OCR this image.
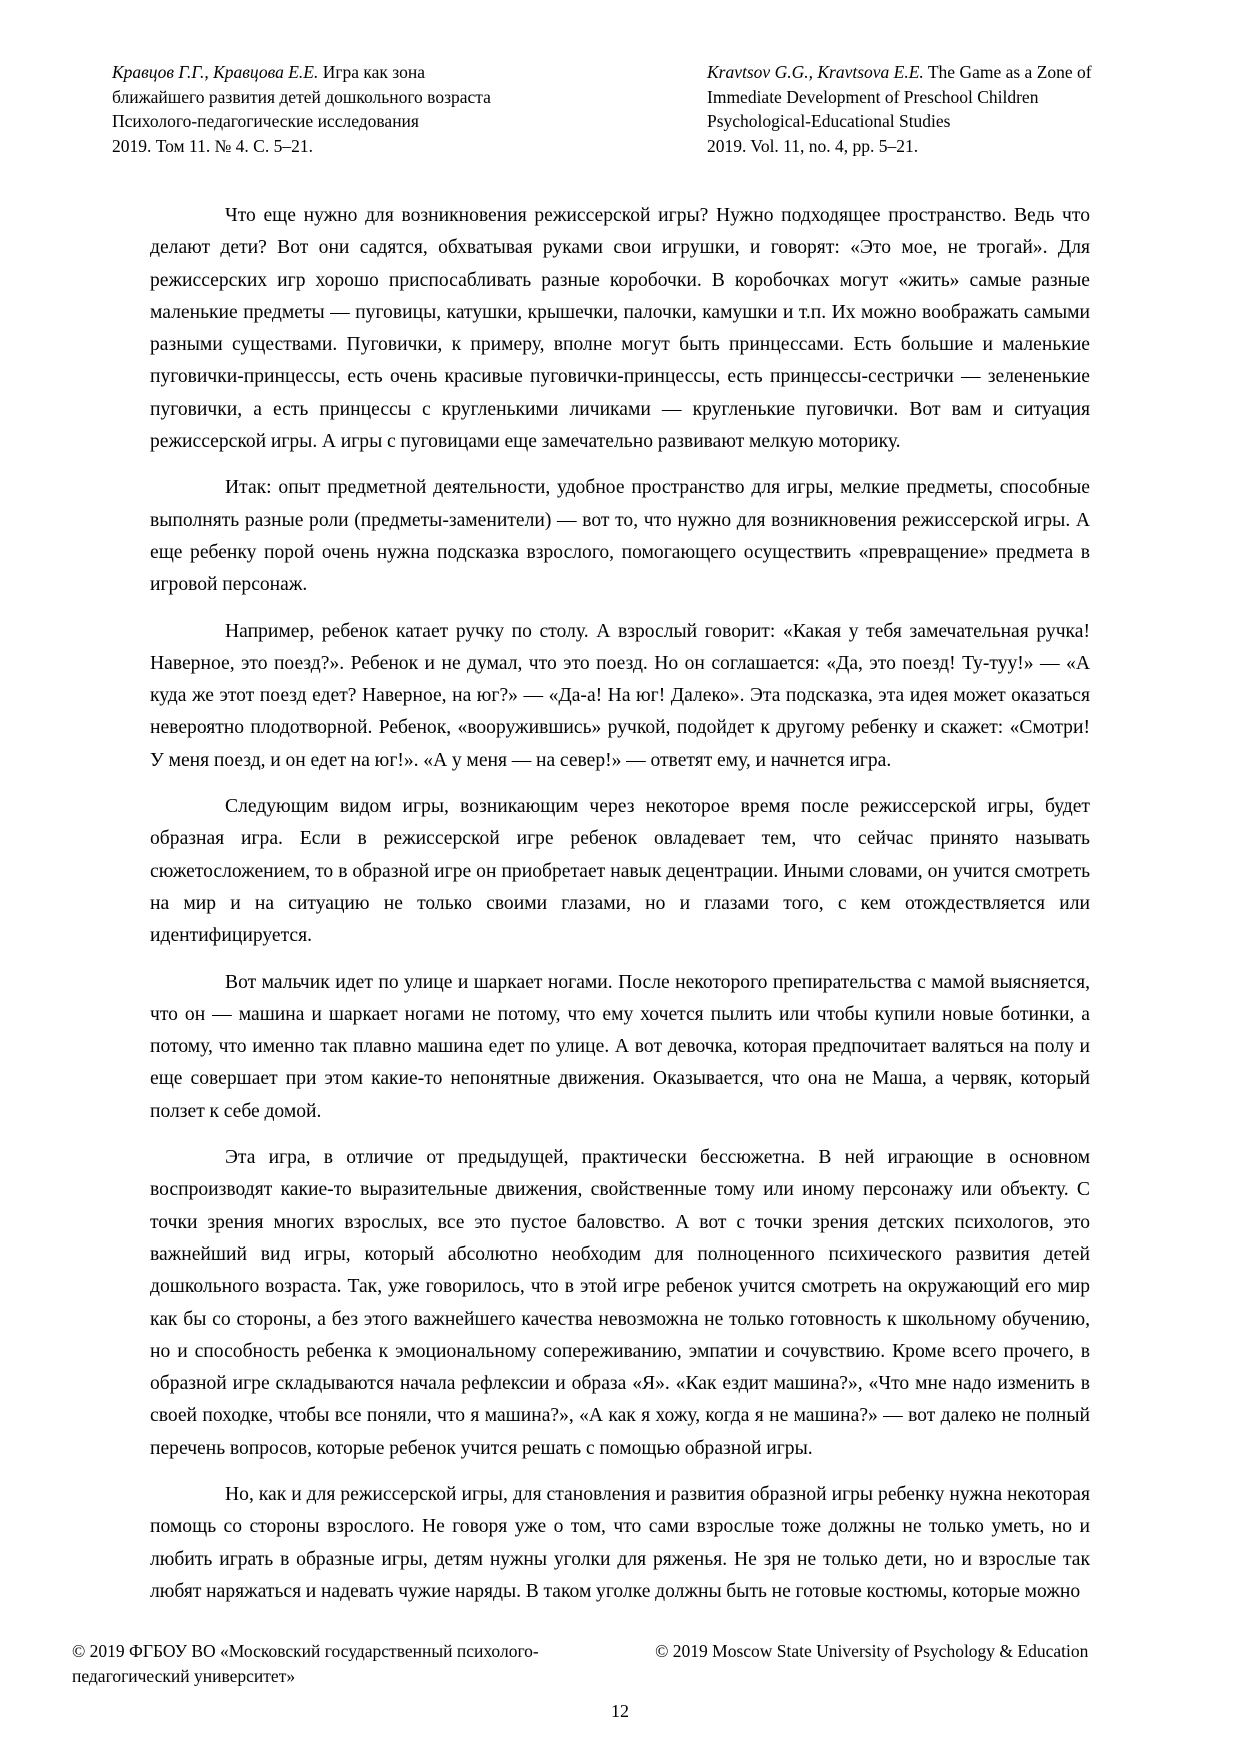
Кравцов Г.Г., Кравцова Е.Е. Игра как зона
ближайшего развития детей дошкольного возраста
Психолого-педагогические исследования
2019. Том 11. № 4. С. 5–21.
Kravtsov G.G., Kravtsova E.E. The Game as a Zone of
Immediate Development of Preschool Children
Psychological-Educational Studies
2019. Vol. 11, no. 4, pp. 5–21.

Что еще нужно для возникновения режиссерской игры? Нужно подходящее пространство. Ведь что делают дети? Вот они садятся, обхватывая руками свои игрушки, и говорят: «Это мое, не трогай». Для режиссерских игр хорошо приспосабливать разные коробочки. В коробочках могут «жить» самые разные маленькие предметы — пуговицы, катушки, крышечки, палочки, камушки и т.п. Их можно воображать самыми разными существами. Пуговички, к примеру, вполне могут быть принцессами. Есть большие и маленькие пуговички-принцессы, есть очень красивые пуговички-принцессы, есть принцессы-сестрички — зелененькие пуговички, а есть принцессы с кругленькими личиками — кругленькие пуговички. Вот вам и ситуация режиссерской игры. А игры с пуговицами еще замечательно развивают мелкую моторику.

Итак: опыт предметной деятельности, удобное пространство для игры, мелкие предметы, способные выполнять разные роли (предметы-заменители) — вот то, что нужно для возникновения режиссерской игры. А еще ребенку порой очень нужна подсказка взрослого, помогающего осуществить «превращение» предмета в игровой персонаж.

Например, ребенок катает ручку по столу. А взрослый говорит: «Какая у тебя замечательная ручка! Наверное, это поезд?». Ребенок и не думал, что это поезд. Но он соглашается: «Да, это поезд! Ту-туу!» — «А куда же этот поезд едет? Наверное, на юг?» — «Да-а! На юг! Далеко». Эта подсказка, эта идея может оказаться невероятно плодотворной. Ребенок, «вооружившись» ручкой, подойдет к другому ребенку и скажет: «Смотри! У меня поезд, и он едет на юг!». «А у меня — на север!» — ответят ему, и начнется игра.

Следующим видом игры, возникающим через некоторое время после режиссерской игры, будет образная игра. Если в режиссерской игре ребенок овладевает тем, что сейчас принято называть сюжетосложением, то в образной игре он приобретает навык децентрации. Иными словами, он учится смотреть на мир и на ситуацию не только своими глазами, но и глазами того, с кем отождествляется или идентифицируется.

Вот мальчик идет по улице и шаркает ногами. После некоторого препирательства с мамой выясняется, что он — машина и шаркает ногами не потому, что ему хочется пылить или чтобы купили новые ботинки, а потому, что именно так плавно машина едет по улице. А вот девочка, которая предпочитает валяться на полу и еще совершает при этом какие-то непонятные движения. Оказывается, что она не Маша, а червяк, который ползет к себе домой.

Эта игра, в отличие от предыдущей, практически бессюжетна. В ней играющие в основном воспроизводят какие-то выразительные движения, свойственные тому или иному персонажу или объекту. С точки зрения многих взрослых, все это пустое баловство. А вот с точки зрения детских психологов, это важнейший вид игры, который абсолютно необходим для полноценного психического развития детей дошкольного возраста. Так, уже говорилось, что в этой игре ребенок учится смотреть на окружающий его мир как бы со стороны, а без этого важнейшего качества невозможна не только готовность к школьному обучению, но и способность ребенка к эмоциональному сопереживанию, эмпатии и сочувствию. Кроме всего прочего, в образной игре складываются начала рефлексии и образа «Я». «Как ездит машина?», «Что мне надо изменить в своей походке, чтобы все поняли, что я машина?», «А как я хожу, когда я не машина?» — вот далеко не полный перечень вопросов, которые ребенок учится решать с помощью образной игры.

Но, как и для режиссерской игры, для становления и развития образной игры ребенку нужна некоторая помощь со стороны взрослого. Не говоря уже о том, что сами взрослые тоже должны не только уметь, но и любить играть в образные игры, детям нужны уголки для ряженья. Не зря не только дети, но и взрослые так любят наряжаться и надевать чужие наряды. В таком уголке должны быть не готовые костюмы, которые можно

© 2019 ФГБОУ ВО «Московский государственный психолого-
педагогический университет»
© 2019 Moscow State University of Psychology & Education
12
